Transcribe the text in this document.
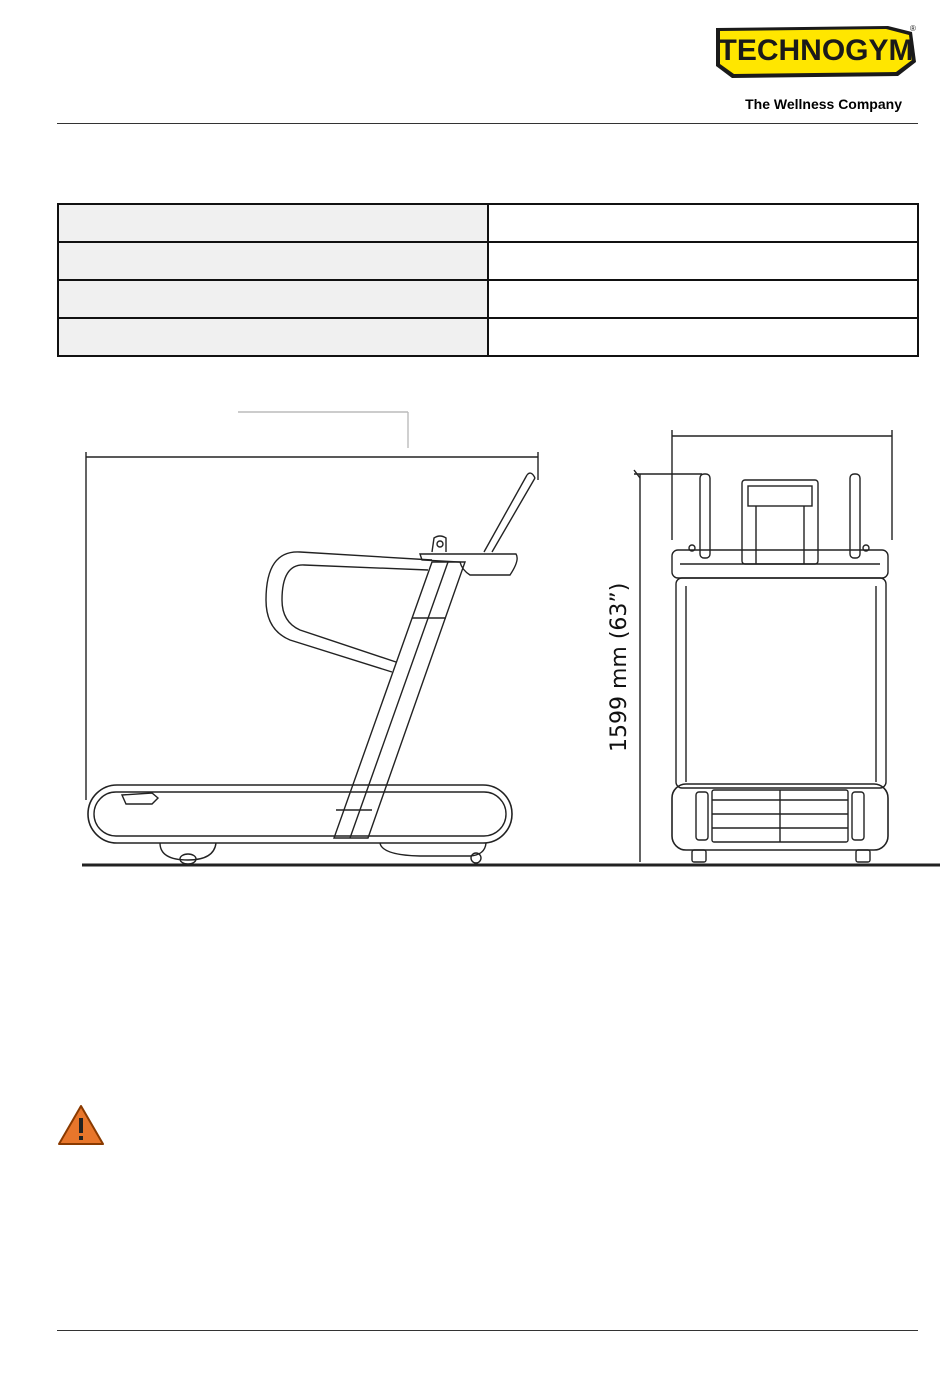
TECHNOGYM
®
The Wellness Company

1599 mm (63”)
